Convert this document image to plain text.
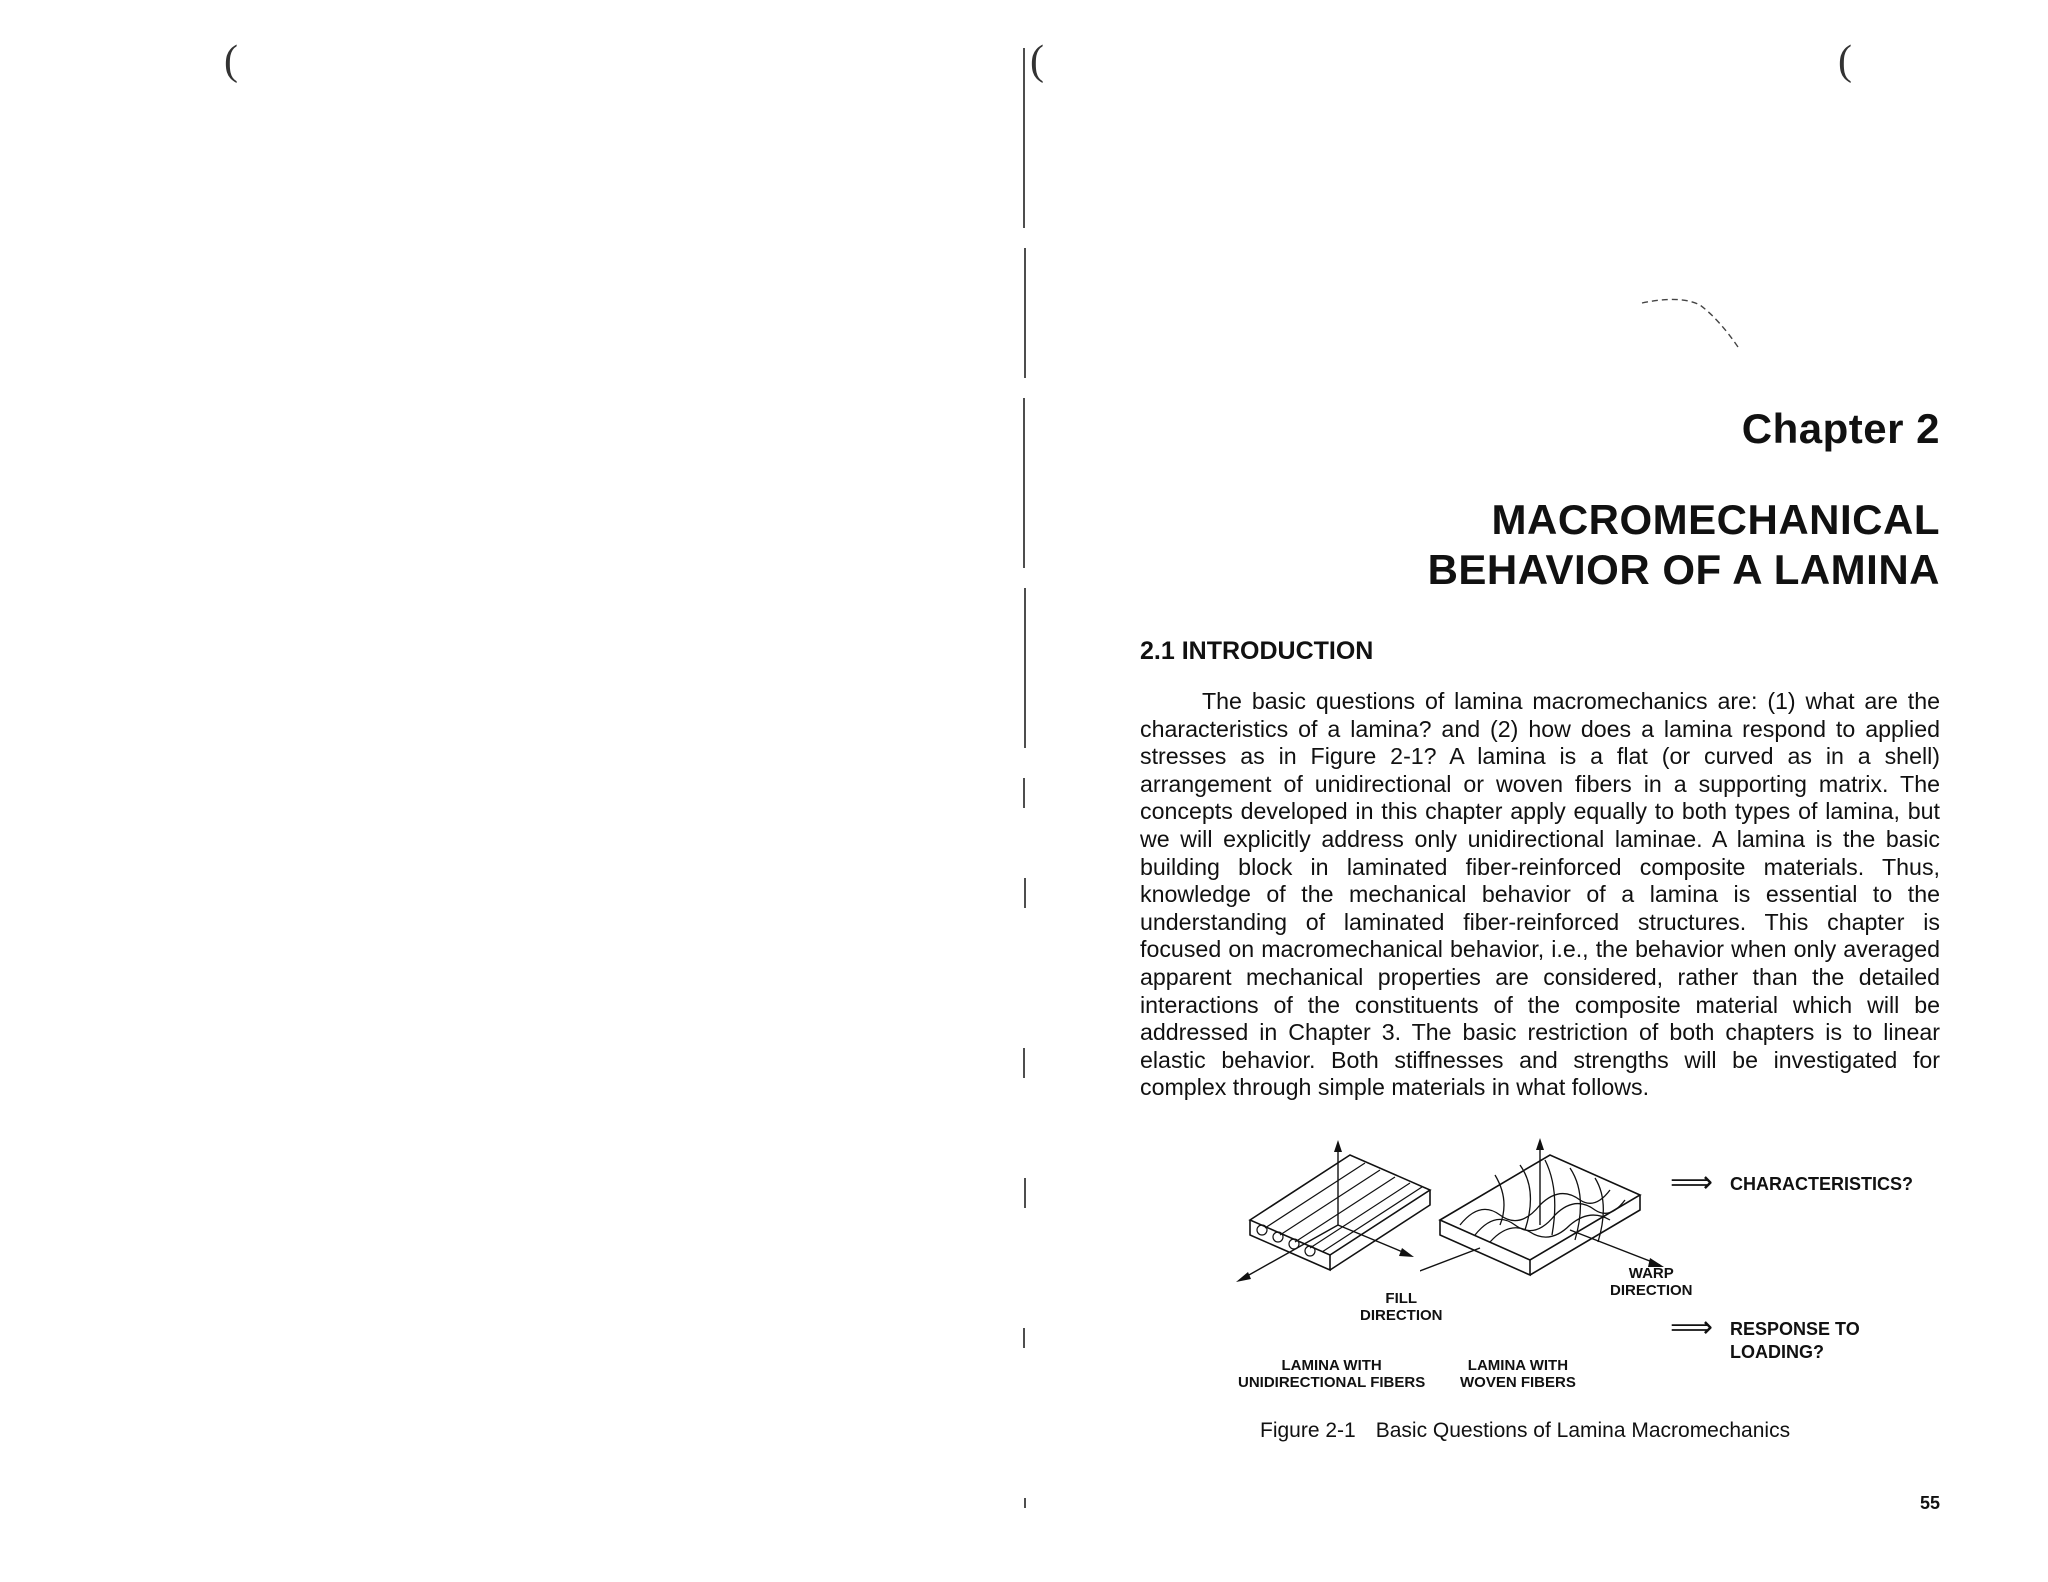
(	(	(
Chapter 2
MACROMECHANICAL
BEHAVIOR OF A LAMINA
2.1 INTRODUCTION

The basic questions of lamina macromechanics are: (1) what are the characteristics of a lamina? and (2) how does a lamina respond to applied stresses as in Figure 2-1? A lamina is a flat (or curved as in a shell) arrangement of unidirectional or woven fibers in a supporting matrix. The concepts developed in this chapter apply equally to both types of lamina, but we will explicitly address only unidirectional laminae. A lamina is the basic building block in laminated fiber-reinforced composite materials. Thus, knowledge of the mechanical behavior of a lamina is essential to the understanding of laminated fiber-reinforced structures. This chapter is focused on macromechanical behavior, i.e., the behavior when only averaged apparent mechanical properties are considered, rather than the detailed interactions of the constituents of the composite material which will be addressed in Chapter 3. The basic restriction of both chapters is to linear elastic behavior. Both stiffnesses and strengths will be investigated for complex through simple materials in what follows.

FILL
DIRECTION
WARP
DIRECTION
LAMINA WITH
UNIDIRECTIONAL FIBERS
LAMINA WITH
WOVEN FIBERS
⟹ CHARACTERISTICS?
⟹ RESPONSE TO
LOADING?
Figure 2-1 Basic Questions of Lamina Macromechanics
55
